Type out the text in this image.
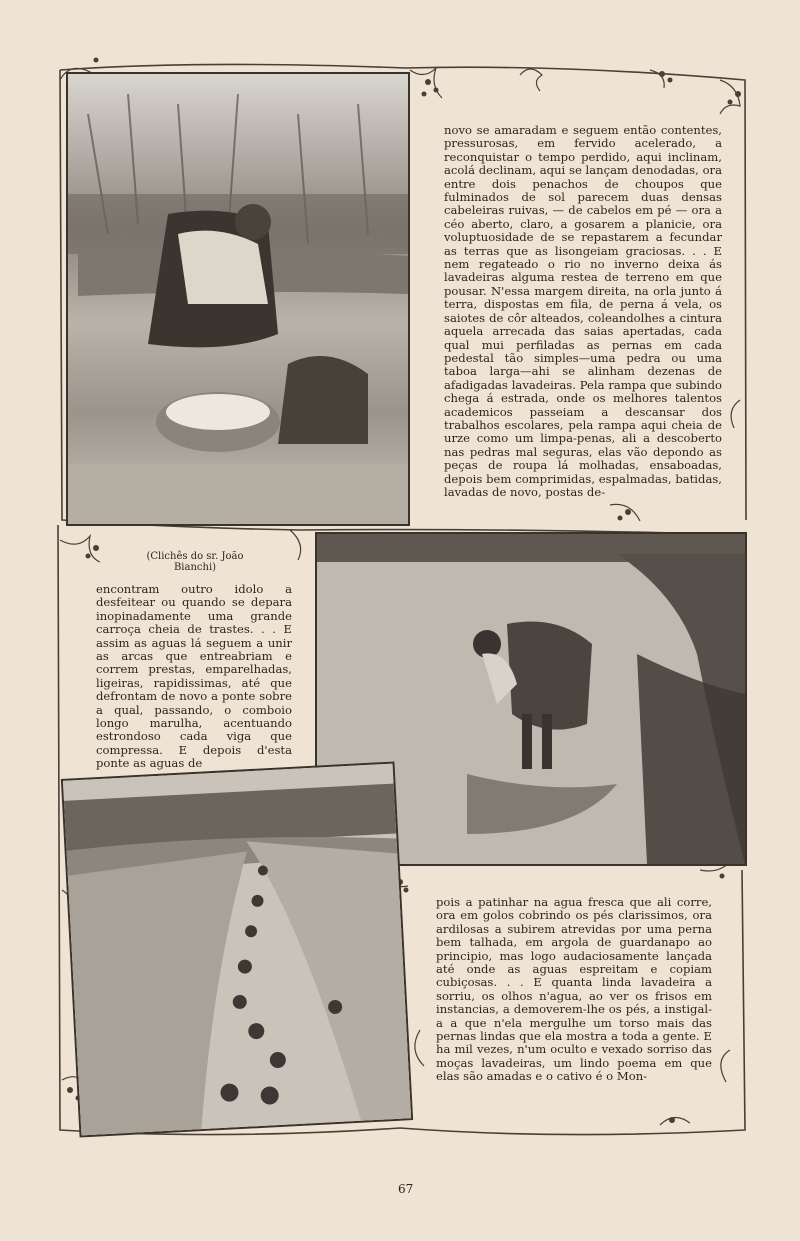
(Clichês do sr. João
Bianchi)
novo se amaradam e seguem então contentes, pressurosas, em fervido acelerado, a reconquistar o tempo perdido, aqui inclinam, acolá declinam, aqui se lançam denodadas, ora entre dois penachos de choupos que fulminados de sol parecem duas densas cabeleiras ruivas, — de cabelos em pé — ora a céo aberto, claro, a gosarem a planicie, ora voluptuosidade de se repastarem a fecundar as terras que as lisongeiam graciosas. . . E nem regateado o rio no inverno deixa ás lavadeiras alguma restea de terreno em que pousar. N'essa margem direita, na orla junto á terra, dispostas em fila, de perna á vela, os saiotes de côr alteados, coleandolhes a cintura aquela arrecada das saias apertadas, cada qual mui perfiladas as pernas em cada pedestal tão simples—uma pedra ou uma taboa larga—ahi se alinham dezenas de afadigadas lavadeiras. Pela rampa que subindo chega á estrada, onde os melhores talentos academicos passeiam a descansar dos trabalhos escolares, pela rampa aqui cheia de urze como um limpa-penas, ali a descoberto nas pedras mal seguras, elas vão depondo as peças de roupa lá molhadas, ensaboadas, depois bem comprimidas, espalmadas, batidas, lavadas de novo, postas de-
encontram outro idolo a desfeitear ou quando se depara inopinadamente uma grande carroça cheia de trastes. . . E assim as aguas lá seguem a unir as arcas que entreabriam e correm prestas, emparelhadas, ligeiras, rapidissimas, até que defrontam de novo a ponte sobre a qual, passando, o comboio longo marulha, acentuando estrondoso cada viga que compressa. E depois d'esta ponte as aguas de
pois a patinhar na agua fresca que ali corre, ora em golos cobrindo os pés clarissimos, ora ardilosas a subirem atrevidas por uma perna bem talhada, em argola de guardanapo ao principio, mas logo audaciosamente lançada até onde as aguas espreitam e copiam cubiçosas. . . E quanta linda lavadeira a sorriu, os olhos n'agua, ao ver os frisos em instancias, a demoverem-lhe os pés, a instigal-a a que n'ela mergulhe um torso mais das pernas lindas que ela mostra a toda a gente. E ha mil vezes, n'um oculto e vexado sorriso das moças lavadeiras, um lindo poema em que elas são amadas e o cativo é o Mon-
67
